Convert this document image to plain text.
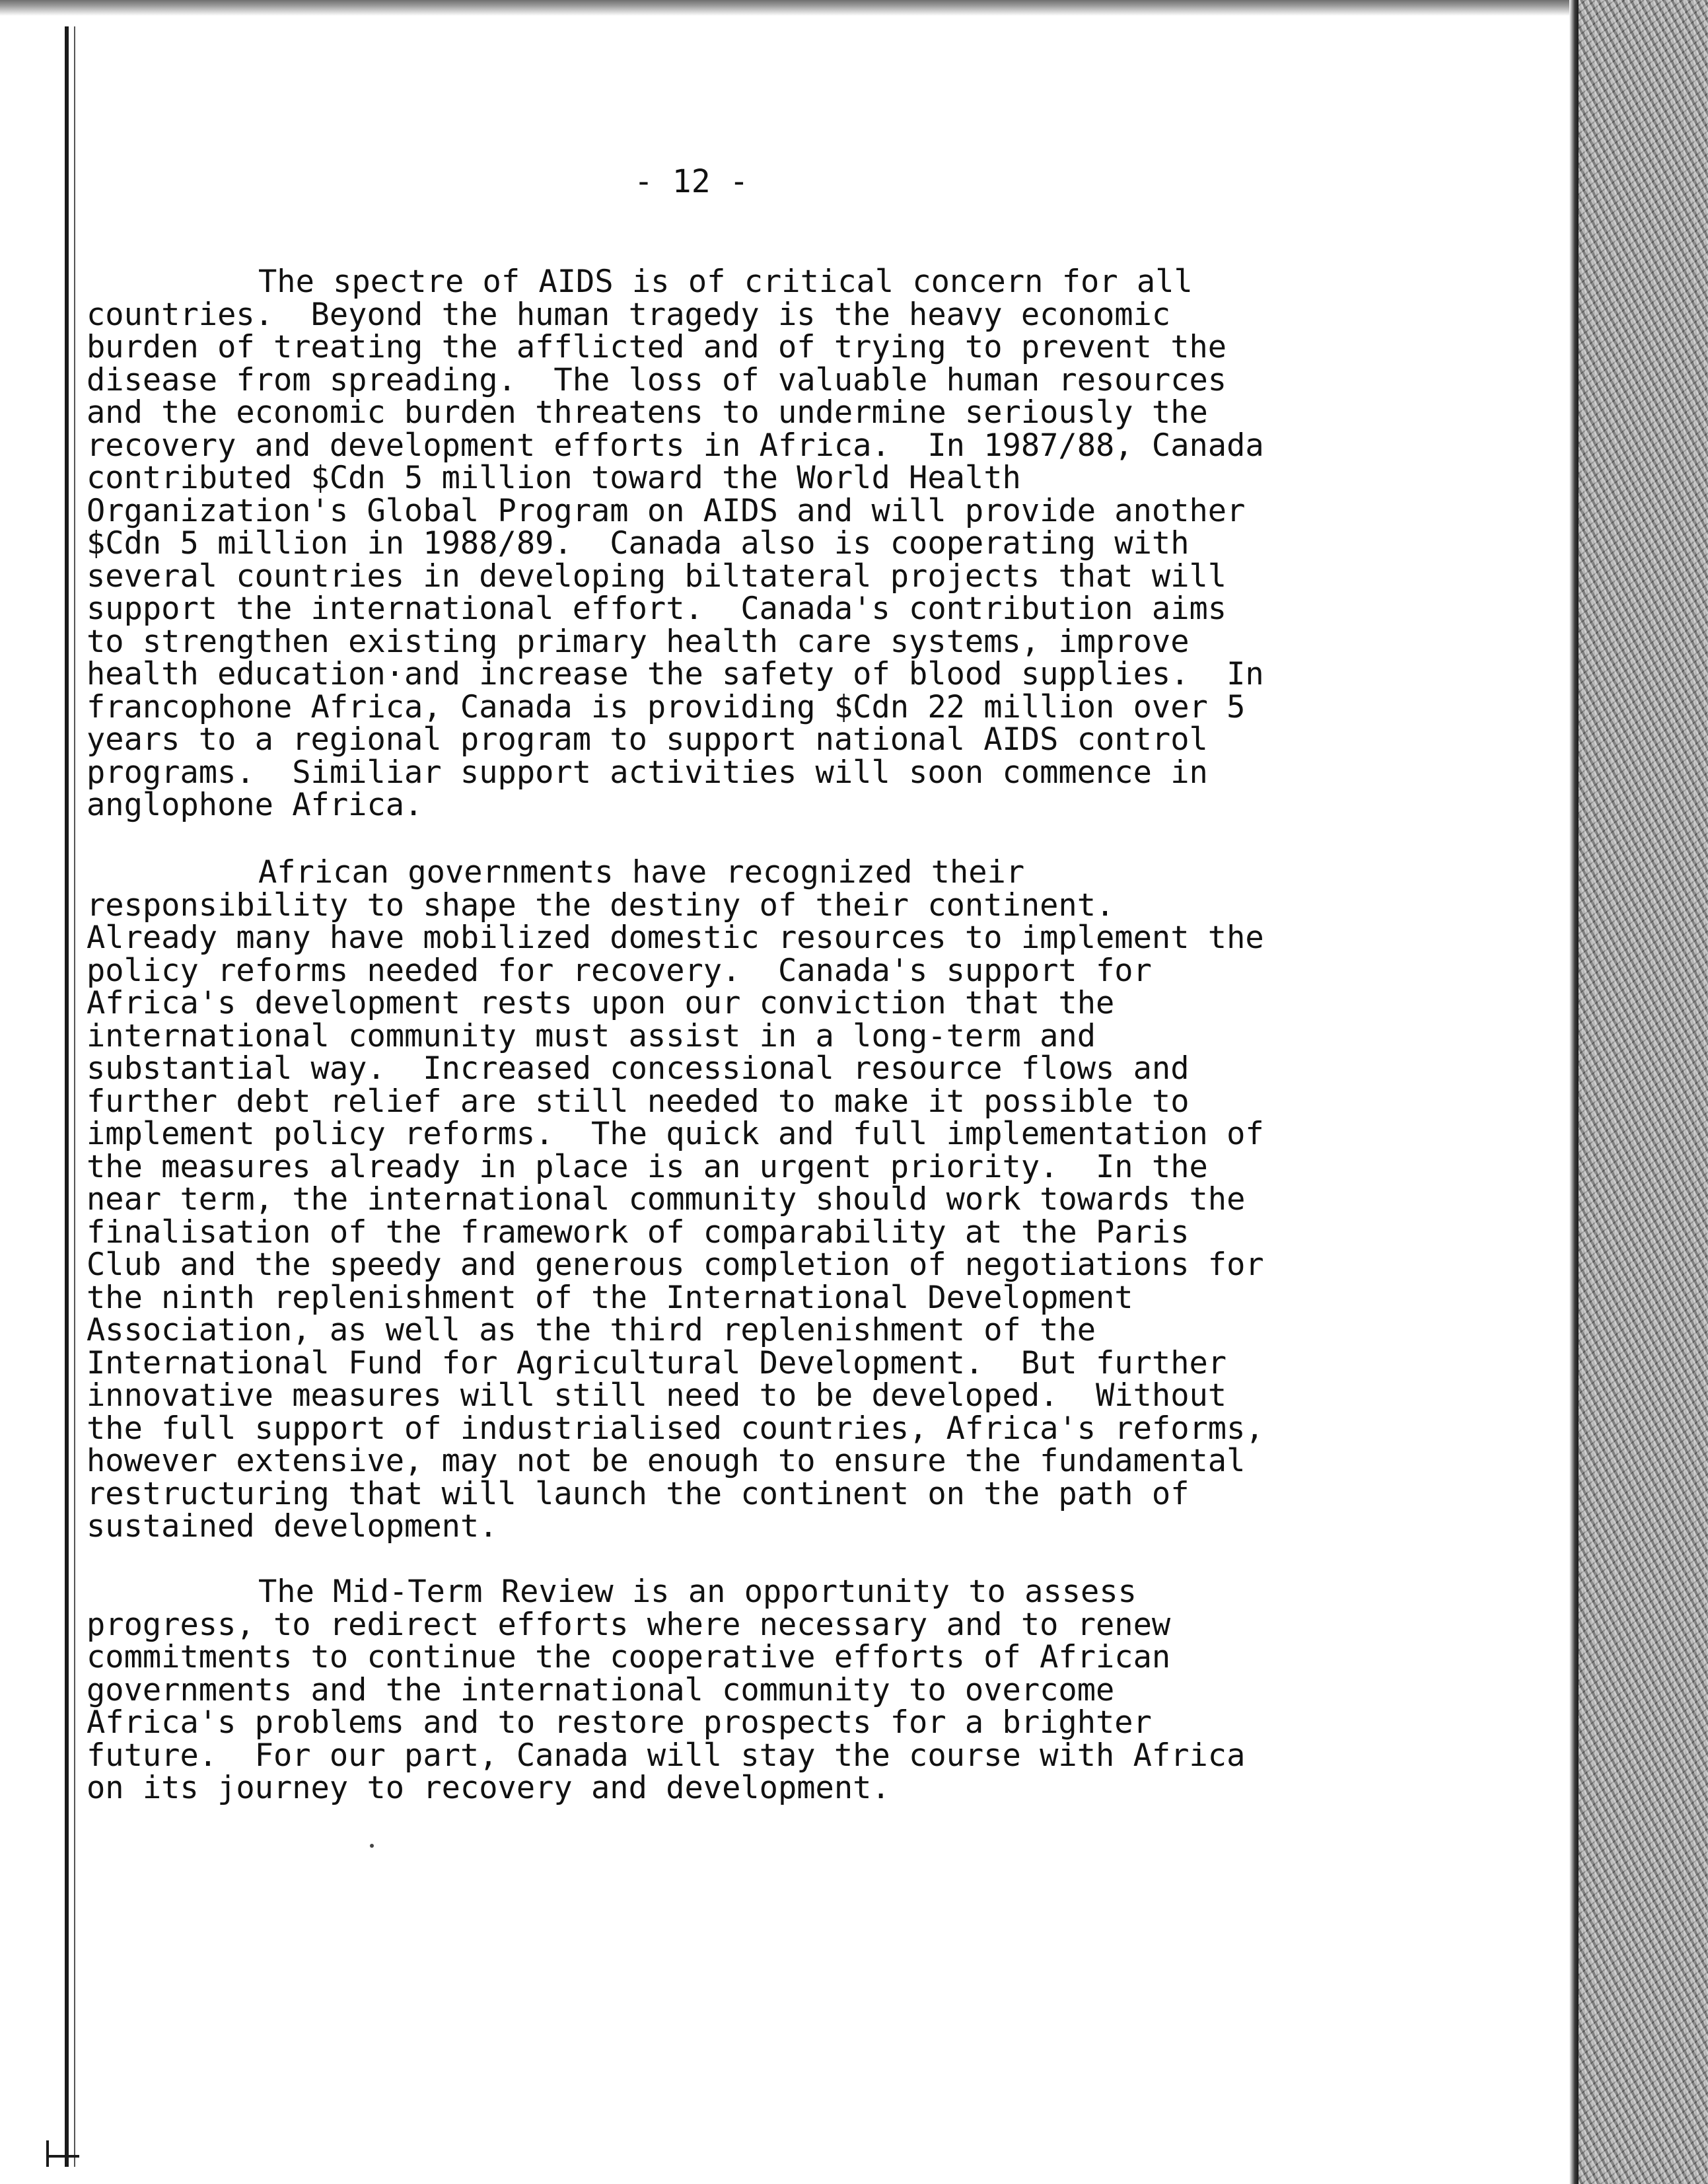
- 12 -

The spectre of AIDS is of critical concern for all
countries.  Beyond the human tragedy is the heavy economic
burden of treating the afflicted and of trying to prevent the
disease from spreading.  The loss of valuable human resources
and the economic burden threatens to undermine seriously the
recovery and development efforts in Africa.  In 1987/88, Canada
contributed $Cdn 5 million toward the World Health
Organization's Global Program on AIDS and will provide another
$Cdn 5 million in 1988/89.  Canada also is cooperating with
several countries in developing biltateral projects that will
support the international effort.  Canada's contribution aims
to strengthen existing primary health care systems, improve
health education·and increase the safety of blood supplies.  In
francophone Africa, Canada is providing $Cdn 22 million over 5
years to a regional program to support national AIDS control
programs.  Similiar support activities will soon commence in
anglophone Africa.
African governments have recognized their
responsibility to shape the destiny of their continent.
Already many have mobilized domestic resources to implement the
policy reforms needed for recovery.  Canada's support for
Africa's development rests upon our conviction that the
international community must assist in a long-term and
substantial way.  Increased concessional resource flows and
further debt relief are still needed to make it possible to
implement policy reforms.  The quick and full implementation of
the measures already in place is an urgent priority.  In the
near term, the international community should work towards the
finalisation of the framework of comparability at the Paris
Club and the speedy and generous completion of negotiations for
the ninth replenishment of the International Development
Association, as well as the third replenishment of the
International Fund for Agricultural Development.  But further
innovative measures will still need to be developed.  Without
the full support of industrialised countries, Africa's reforms,
however extensive, may not be enough to ensure the fundamental
restructuring that will launch the continent on the path of
sustained development.
The Mid-Term Review is an opportunity to assess
progress, to redirect efforts where necessary and to renew
commitments to continue the cooperative efforts of African
governments and the international community to overcome
Africa's problems and to restore prospects for a brighter
future.  For our part, Canada will stay the course with Africa
on its journey to recovery and development.
